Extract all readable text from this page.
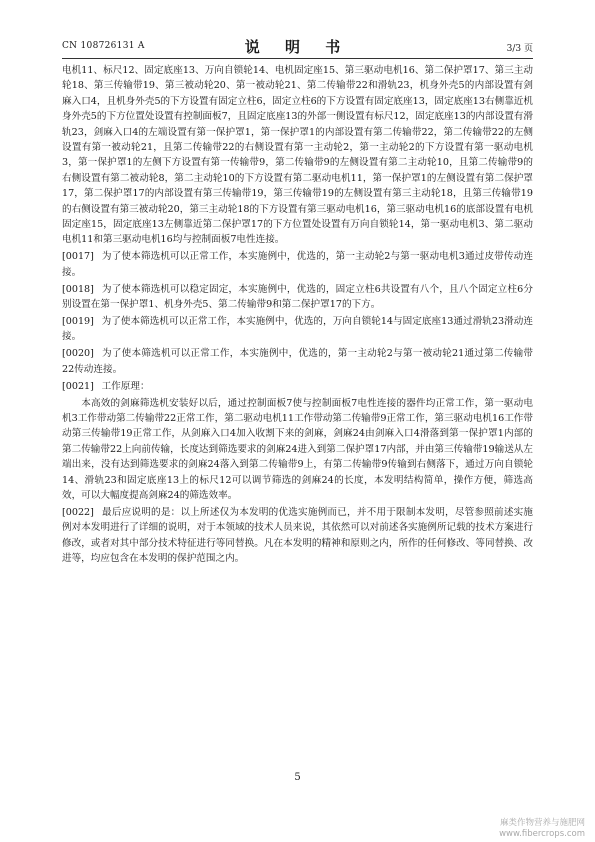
CN 108726131 A	说 明 书	3/3 页

电机11、标尺12、固定底座13、万向自锁轮14、电机固定座15、第三驱动电机16、第二保护罩17、第三主动轮18、第三传输带19、第三被动轮20、第一被动轮21、第二传输带22和滑轨23，机身外壳5的内部设置有剑麻入口4，且机身外壳5的下方设置有固定立柱6，固定立柱6的下方设置有固定底座13，固定底座13右侧靠近机身外壳5的下方位置处设置有控制面板7，且固定底座13的外部一侧设置有标尺12，固定底座13的内部设置有滑轨23，剑麻入口4的左端设置有第一保护罩1，第一保护罩1的内部设置有第二传输带22，第二传输带22的左侧设置有第一被动轮21，且第二传输带22的右侧设置有第一主动轮2，第一主动轮2的下方设置有第一驱动电机3，第一保护罩1的左侧下方设置有第一传输带9，第二传输带9的左侧设置有第二主动轮10，且第二传输带9的右侧设置有第二被动轮8，第二主动轮10的下方设置有第二驱动电机11，第一保护罩1的左侧设置有第二保护罩17，第二保护罩17的内部设置有第三传输带19，第三传输带19的左侧设置有第三主动轮18，且第三传输带19的右侧设置有第三被动轮20，第三主动轮18的下方设置有第三驱动电机16，第三驱动电机16的底部设置有电机固定座15，固定底座13左侧靠近第二保护罩17的下方位置处设置有万向自锁轮14，第一驱动电机3、第二驱动电机11和第三驱动电机16均与控制面板7电性连接。

[0017]　 为了使本筛选机可以正常工作，本实施例中，优选的，第一主动轮2与第一驱动电机3通过皮带传动连接。

[0018]　 为了使本筛选机可以稳定固定，本实施例中，优选的，固定立柱6共设置有八个，且八个固定立柱6分别设置在第一保护罩1、机身外壳5、第二传输带9和第二保护罩17的下方。

[0019]　 为了使本筛选机可以正常工作，本实施例中，优选的，万向自锁轮14与固定底座13通过滑轨23滑动连接。

[0020]　 为了使本筛选机可以正常工作，本实施例中，优选的，第一主动轮2与第一被动轮21通过第二传输带22传动连接。

[0021]　 工作原理：

本高效的剑麻筛选机安装好以后，通过控制面板7使与控制面板7电性连接的器件均正常工作，第一驱动电机3工作带动第二传输带22正常工作，第二驱动电机11工作带动第二传输带9正常工作，第三驱动电机16工作带动第三传输带19正常工作，从剑麻入口4加入收割下来的剑麻，剑麻24由剑麻入口4滑落到第一保护罩1内部的第二传输带22上向前传输，长度达到筛选要求的剑麻24进入到第二保护罩17内部，并由第三传输带19输送从左端出来，没有达到筛选要求的剑麻24落入到第二传输带9上，有第二传输带9传输到右侧落下，通过万向自锁轮14、滑轨23和固定底座13上的标尺12可以调节筛选的剑麻24的长度，本发明结构简单，操作方便，筛选高效，可以大幅度提高剑麻24的筛选效率。

[0022]　 最后应说明的是：以上所述仅为本发明的优选实施例而已，并不用于限制本发明，尽管参照前述实施例对本发明进行了详细的说明，对于本领域的技术人员来说，其依然可以对前述各实施例所记载的技术方案进行修改，或者对其中部分技术特征进行等同替换。凡在本发明的精神和原则之内，所作的任何修改、等同替换、改进等，均应包含在本发明的保护范围之内。

5
麻类作物营养与施肥网
www.fibercrops.com
